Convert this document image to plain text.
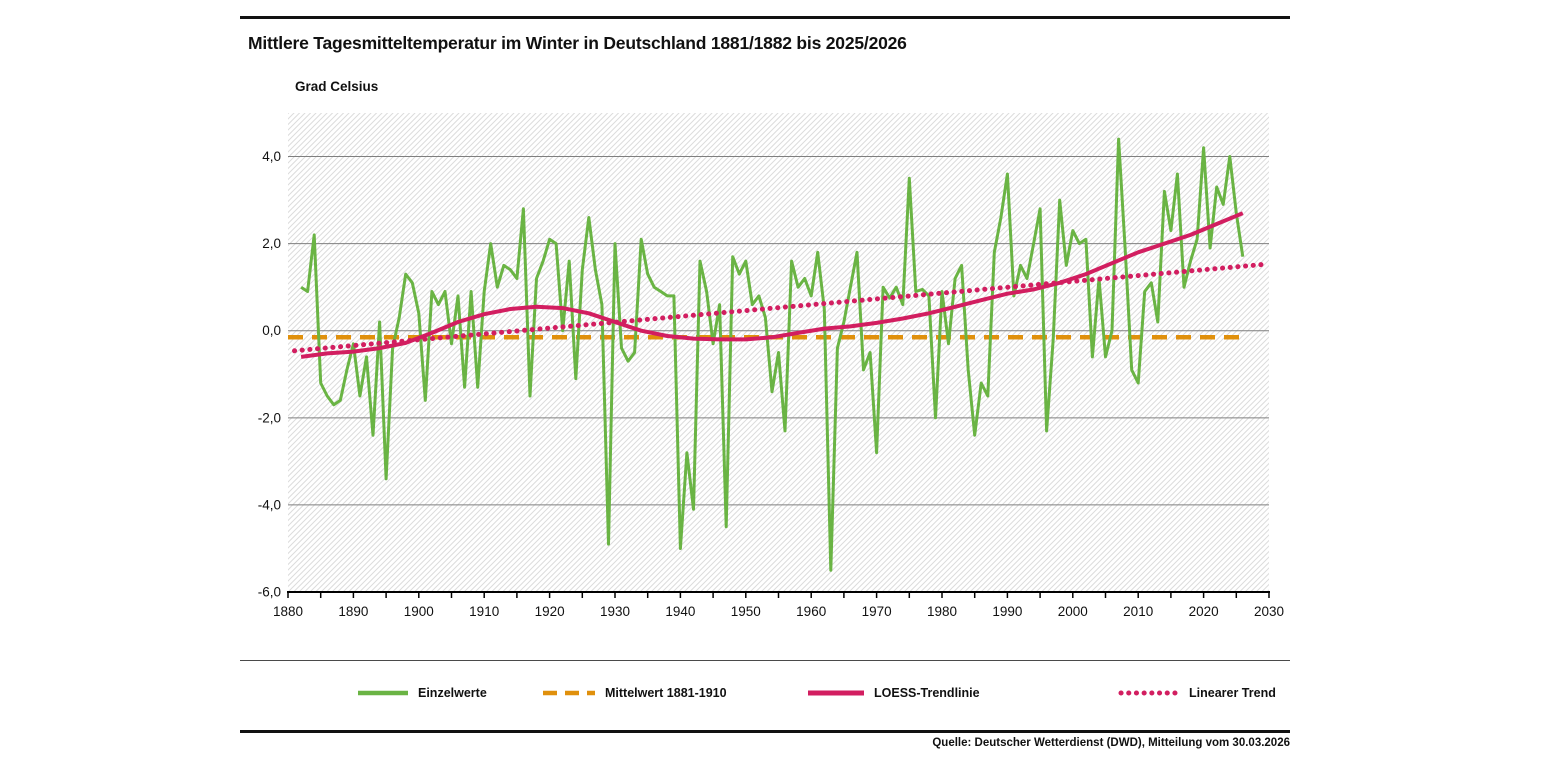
Mittlere Tagesmitteltemperatur im Winter in Deutschland 1881/1882 bis 2025/2026
Grad Celsius
1880	1890	1900	1910	1920	1930	1940	1950	1960	1970	1980	1990	2000	2010	2020	2030
4,0
2,0
0,0
-2,0
-4,0
-6,0
Einzelwerte	Mittelwert 1881-1910	LOESS-Trendlinie	Linearer Trend
Quelle: Deutscher Wetterdienst (DWD), Mitteilung vom 30.03.2026
